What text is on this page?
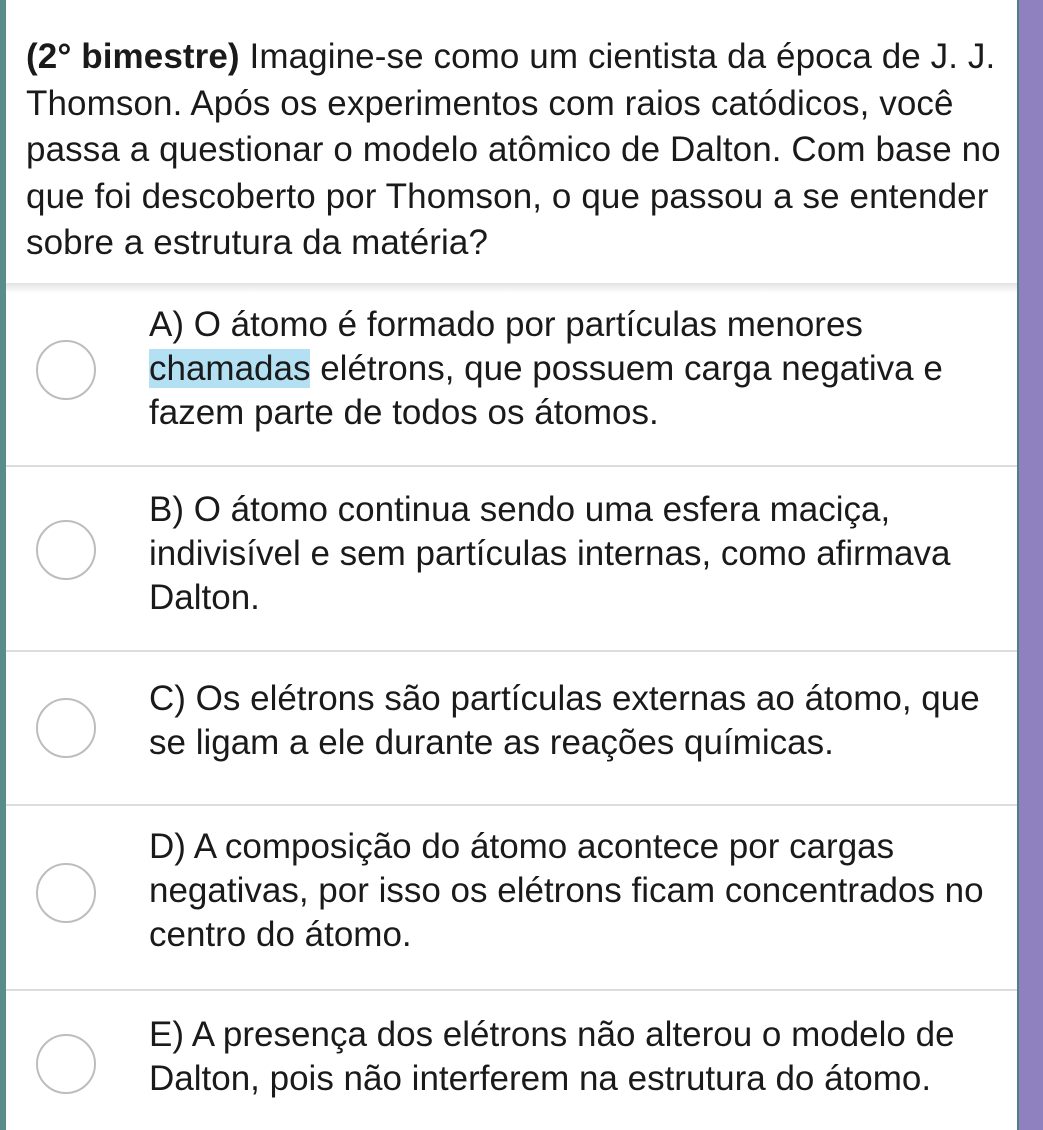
(2° bimestre) Imagine-se como um cientista da época de J. J. Thomson. Após os experimentos com raios catódicos, você passa a questionar o modelo atômico de Dalton. Com base no que foi descoberto por Thomson, o que passou a se entender sobre a estrutura da matéria?
A) O átomo é formado por partículas menores chamadas elétrons, que possuem carga negativa e fazem parte de todos os átomos.
B) O átomo continua sendo uma esfera maciça, indivisível e sem partículas internas, como afirmava Dalton.
C) Os elétrons são partículas externas ao átomo, que se ligam a ele durante as reações químicas.
D) A composição do átomo acontece por cargas negativas, por isso os elétrons ficam concentrados no centro do átomo.
E) A presença dos elétrons não alterou o modelo de Dalton, pois não interferem na estrutura do átomo.
